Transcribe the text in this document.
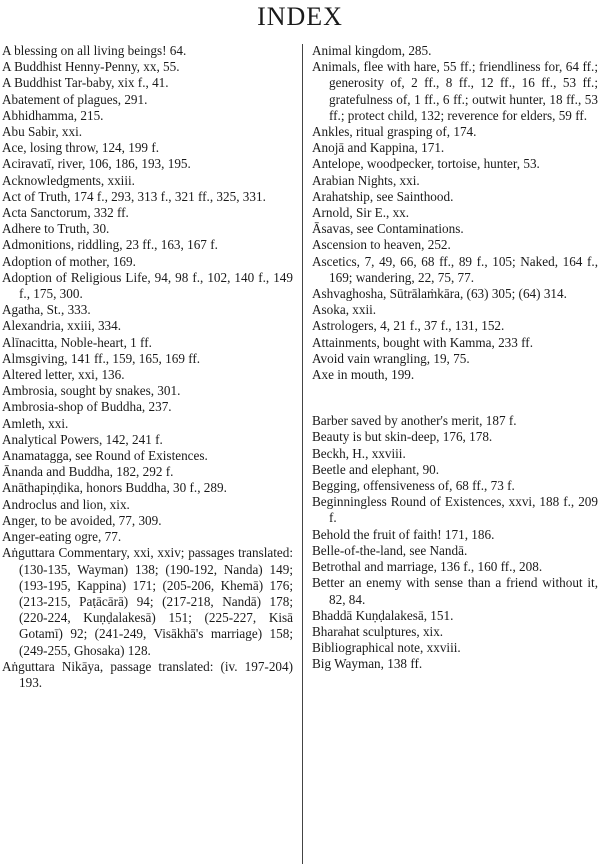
INDEX

A blessing on all living beings! 64.

A Buddhist Henny-Penny, xx, 55.

A Buddhist Tar-baby, xix f., 41.

Abatement of plagues, 291.

Abhidhamma, 215.

Abu Sabir, xxi.

Ace, losing throw, 124, 199 f.

Aciravatī, river, 106, 186, 193, 195.

Acknowledgments, xxiii.

Act of Truth, 174 f., 293, 313 f., 321 ff., 325, 331.

Acta Sanctorum, 332 ff.

Adhere to Truth, 30.

Admonitions, riddling, 23 ff., 163, 167 f.

Adoption of mother, 169.

Adoption of Religious Life, 94, 98 f., 102, 140 f., 149 f., 175, 300.

Agatha, St., 333.

Alexandria, xxiii, 334.

Alīnacitta, Noble-heart, 1 ff.

Almsgiving, 141 ff., 159, 165, 169 ff.

Altered letter, xxi, 136.

Ambrosia, sought by snakes, 301.

Ambrosia-shop of Buddha, 237.

Amleth, xxi.

Analytical Powers, 142, 241 f.

Anamatagga, see Round of Existences.

Ānanda and Buddha, 182, 292 f.

Anāthapiṇḍika, honors Buddha, 30 f., 289.

Androclus and lion, xix.

Anger, to be avoided, 77, 309.

Anger-eating ogre, 77.

Aṅguttara Commentary, xxi, xxiv; passages translated: (130-135, Wayman) 138; (190-192, Nanda) 149; (193-195, Kappina) 171; (205-206, Khemā) 176; (213-215, Paṭācārā) 94; (217-218, Nandā) 178; (220-224, Kuṇḍalakesā) 151; (225-227, Kisā Gotamī) 92; (241-249, Visākhā's marriage) 158; (249-255, Ghosaka) 128.

Aṅguttara Nikāya, passage translated: (iv. 197-204) 193.

Animal kingdom, 285.

Animals, flee with hare, 55 ff.; friendliness for, 64 ff.; generosity of, 2 ff., 8 ff., 12 ff., 16 ff., 53 ff.; gratefulness of, 1 ff., 6 ff.; outwit hunter, 18 ff., 53 ff.; protect child, 132; reverence for elders, 59 ff.

Ankles, ritual grasping of, 174.

Anojā and Kappina, 171.

Antelope, woodpecker, tortoise, hunter, 53.

Arabian Nights, xxi.

Arahatship, see Sainthood.

Arnold, Sir E., xx.

Āsavas, see Contaminations.

Ascension to heaven, 252.

Ascetics, 7, 49, 66, 68 ff., 89 f., 105; Naked, 164 f., 169; wandering, 22, 75, 77.

Ashvaghosha, Sūtrālaṁkāra, (63) 305; (64) 314.

Asoka, xxii.

Astrologers, 4, 21 f., 37 f., 131, 152.

Attainments, bought with Kamma, 233 ff.

Avoid vain wrangling, 19, 75.

Axe in mouth, 199.

Barber saved by another's merit, 187 f.

Beauty is but skin-deep, 176, 178.

Beckh, H., xxviii.

Beetle and elephant, 90.

Begging, offensiveness of, 68 ff., 73 f.

Beginningless Round of Existences, xxvi, 188 f., 209 f.

Behold the fruit of faith! 171, 186.

Belle-of-the-land, see Nandā.

Betrothal and marriage, 136 f., 160 ff., 208.

Better an enemy with sense than a friend without it, 82, 84.

Bhaddā Kuṇḍalakesā, 151.

Bharahat sculptures, xix.

Bibliographical note, xxviii.

Big Wayman, 138 ff.
